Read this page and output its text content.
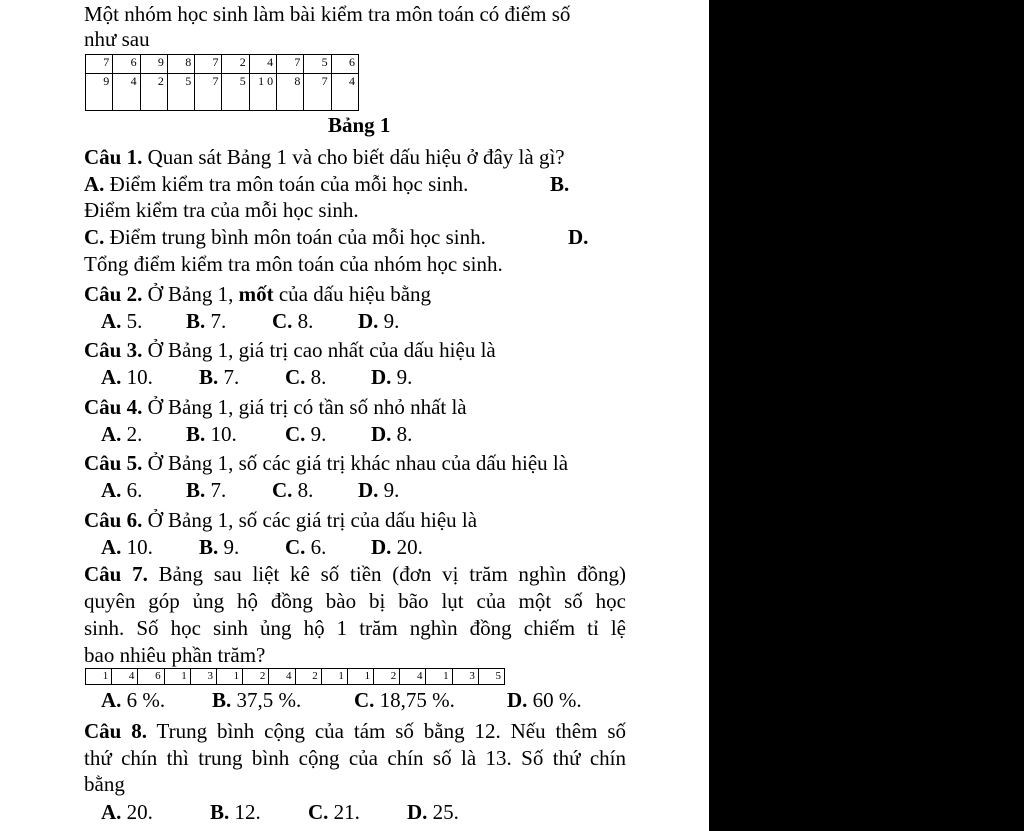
Một nhóm học sinh làm bài kiểm tra môn toán có điểm số
như sau
7	6	9	8	7	2	4	7	5	6
9	4	2	5	7	5	1 0	8	7	4
Bảng 1
Câu 1. Quan sát Bảng 1 và cho biết dấu hiệu ở đây là gì?
A. Điểm kiểm tra môn toán của mỗi học sinh.	B.
Điểm kiểm tra của mỗi học sinh.
C. Điểm trung bình môn toán của mỗi học sinh.	D.
Tổng điểm kiểm tra môn toán của nhóm học sinh.
Câu 2. Ở Bảng 1, mốt của dấu hiệu bằng
A. 5. B. 7. C. 8. D. 9.
Câu 3. Ở Bảng 1, giá trị cao nhất của dấu hiệu là
A. 10. B. 7. C. 8. D. 9.
Câu 4. Ở Bảng 1, giá trị có tần số nhỏ nhất là
A. 2. B. 10. C. 9. D. 8.
Câu 5. Ở Bảng 1, số các giá trị khác nhau của dấu hiệu là
A. 6. B. 7. C. 8. D. 9.
Câu 6. Ở Bảng 1, số các giá trị của dấu hiệu là
A. 10. B. 9. C. 6. D. 20.
Câu 7. Bảng sau liệt kê số tiền (đơn vị trăm nghìn đồng)
quyên góp ủng hộ đồng bào bị bão lụt của một số học
sinh. Số học sinh ủng hộ 1 trăm nghìn đồng chiếm tỉ lệ
bao nhiêu phần trăm?
1	4	6	1	3	1	2	4	2	1	1	2	4	1	3	5
A. 6 %. B. 37,5 %.	C. 18,75 %. D. 60 %.
Câu 8. Trung bình cộng của tám số bằng 12. Nếu thêm số
thứ chín thì trung bình cộng của chín số là 13. Số thứ chín
bằng
A. 20.	B. 12. C. 21. D. 25.
